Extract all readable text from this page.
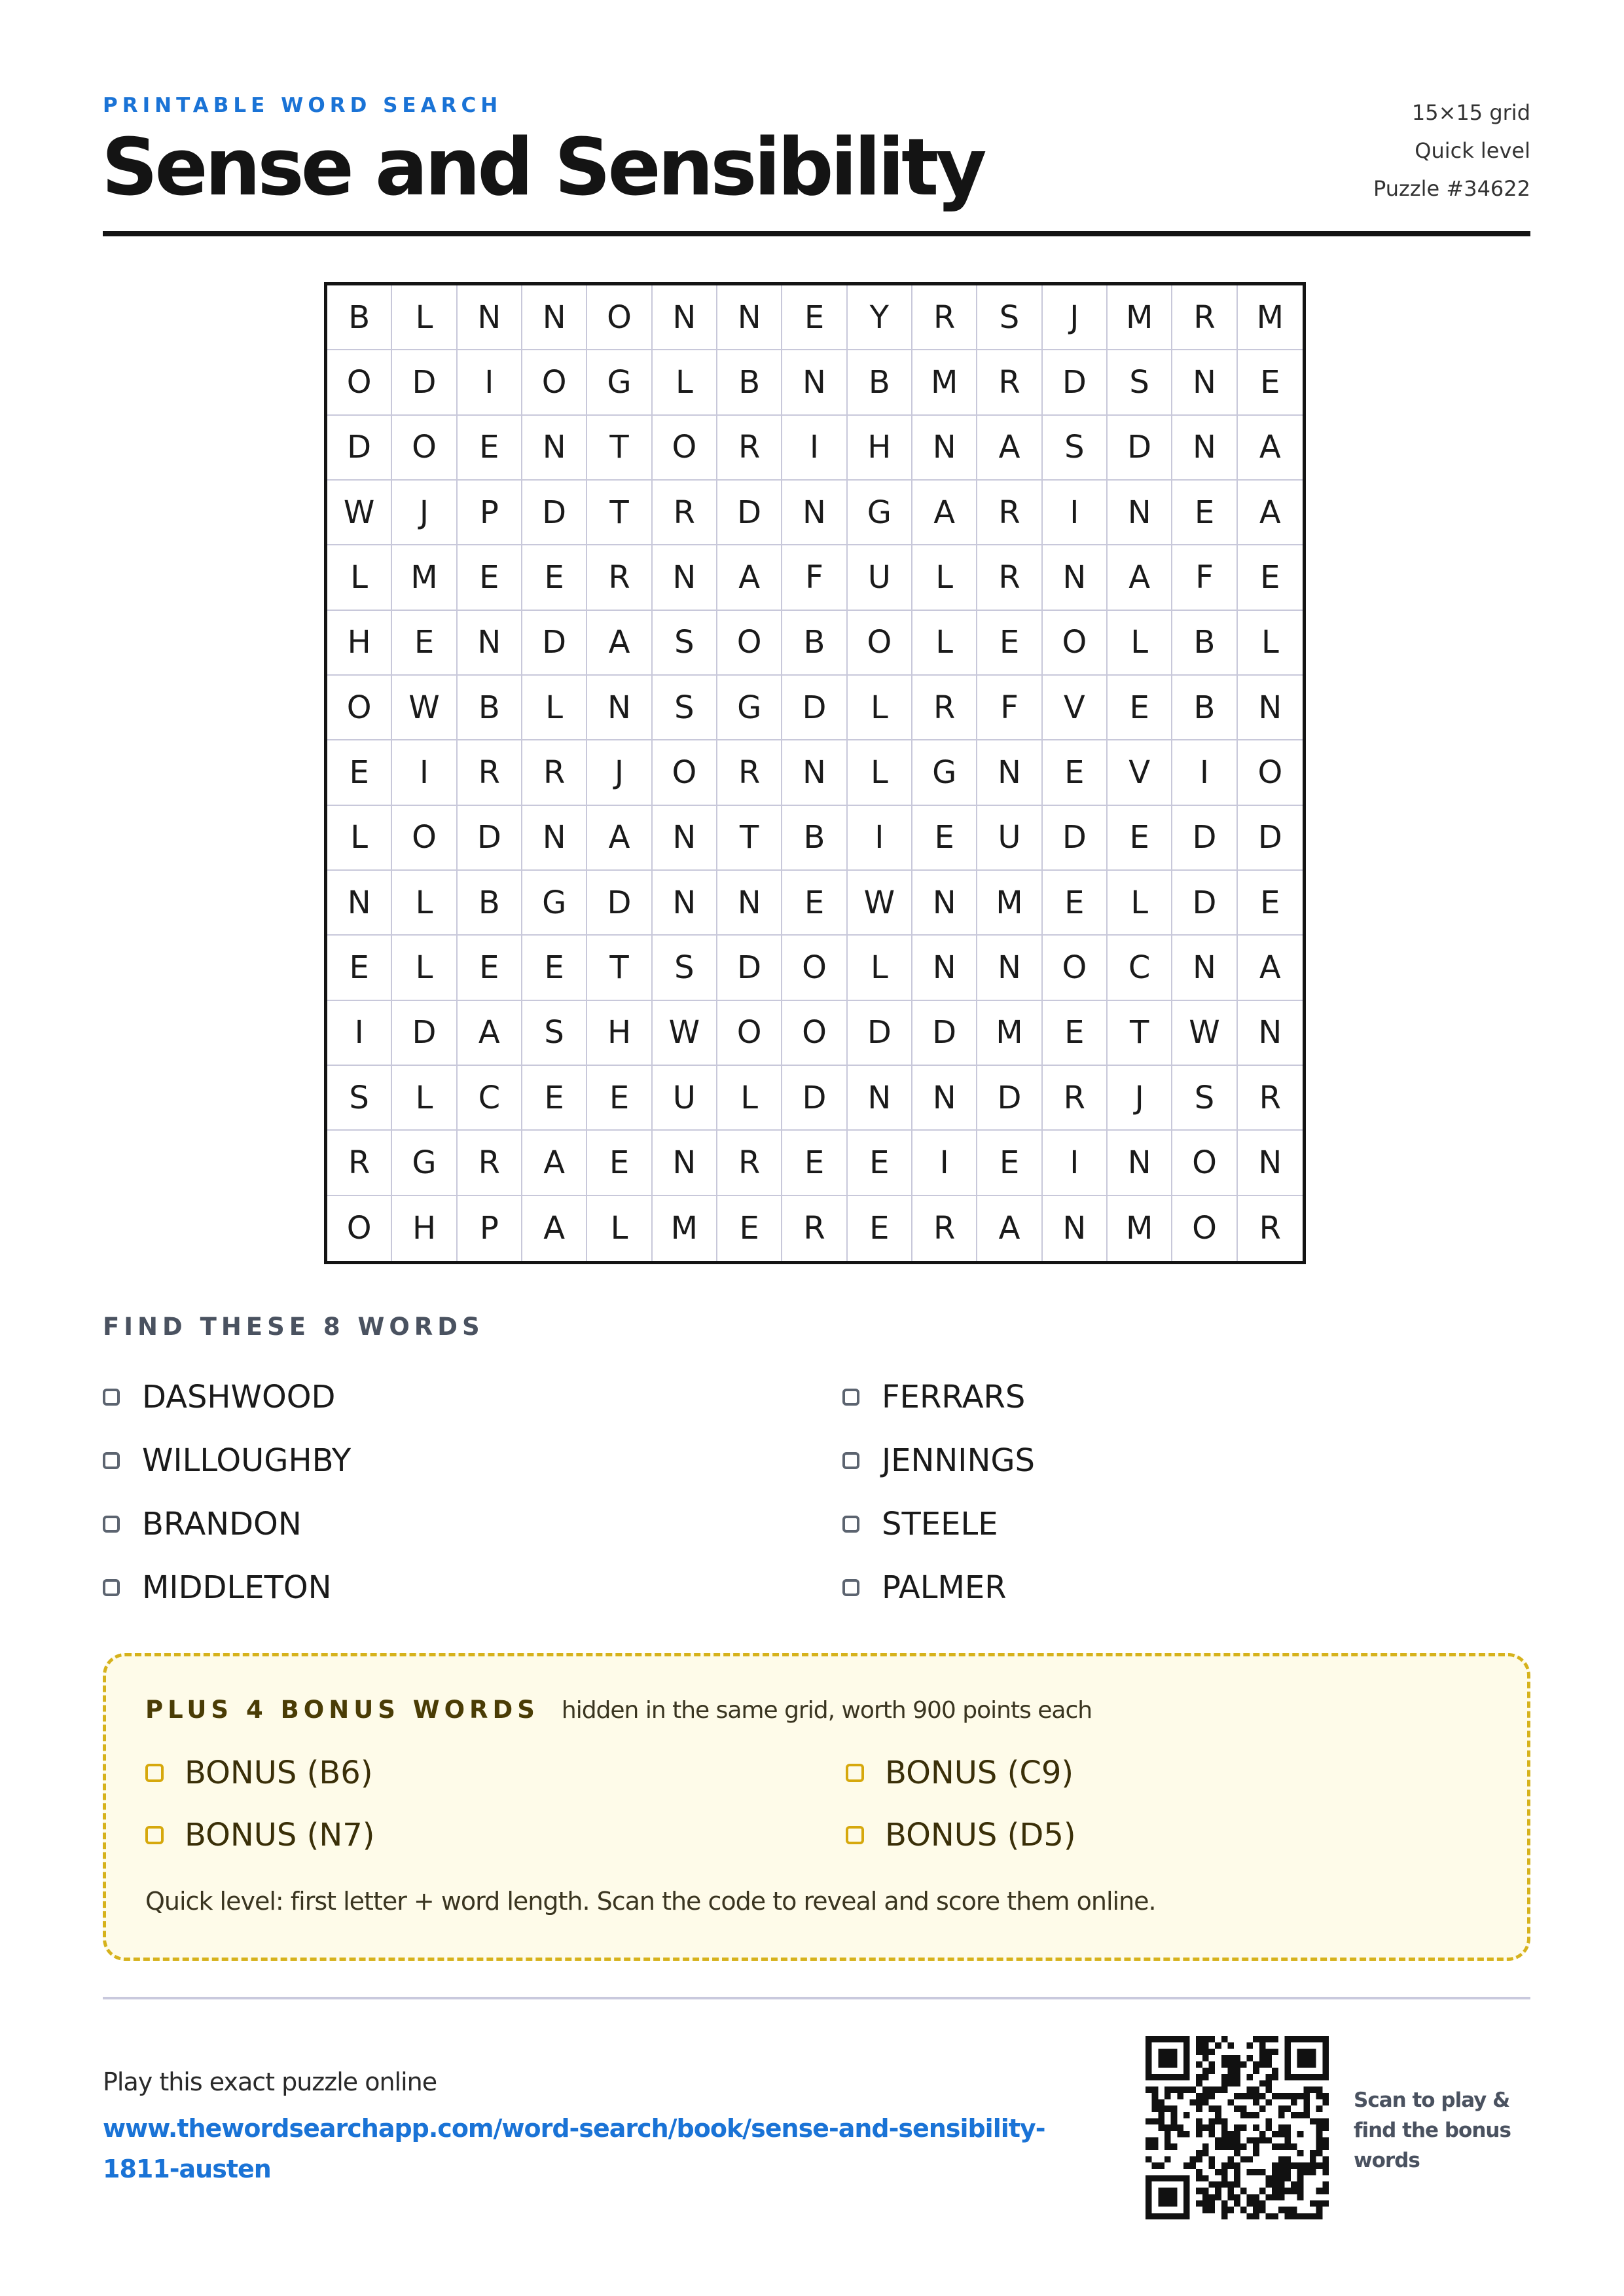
PRINTABLE WORD SEARCH
Sense and Sensibility
15×15 grid
Quick level
Puzzle #34622
B	L	N	N	O	N	N	E	Y	R	S	J	M	R	M
O	D	I	O	G	L	B	N	B	M	R	D	S	N	E
D	O	E	N	T	O	R	I	H	N	A	S	D	N	A
W	J	P	D	T	R	D	N	G	A	R	I	N	E	A
L	M	E	E	R	N	A	F	U	L	R	N	A	F	E
H	E	N	D	A	S	O	B	O	L	E	O	L	B	L
O	W	B	L	N	S	G	D	L	R	F	V	E	B	N
E	I	R	R	J	O	R	N	L	G	N	E	V	I	O
L	O	D	N	A	N	T	B	I	E	U	D	E	D	D
N	L	B	G	D	N	N	E	W	N	M	E	L	D	E
E	L	E	E	T	S	D	O	L	N	N	O	C	N	A
I	D	A	S	H	W	O	O	D	D	M	E	T	W	N
S	L	C	E	E	U	L	D	N	N	D	R	J	S	R
R	G	R	A	E	N	R	E	E	I	E	I	N	O	N
O	H	P	A	L	M	E	R	E	R	A	N	M	O	R
FIND THESE 8 WORDS
DASHWOOD	FERRARS
WILLOUGHBY	JENNINGS
BRANDON	STEELE
MIDDLETON	PALMER
PLUS 4 BONUS WORDS hidden in the same grid, worth 900 points each
BONUS (B6)	BONUS (C9)
BONUS (N7)	BONUS (D5)
Quick level: first letter + word length. Scan the code to reveal and score them online.
Play this exact puzzle online
www.thewordsearchapp.com/word-search/book/sense-and-sensibility-1811-austen
Scan to play & find the bonus words
